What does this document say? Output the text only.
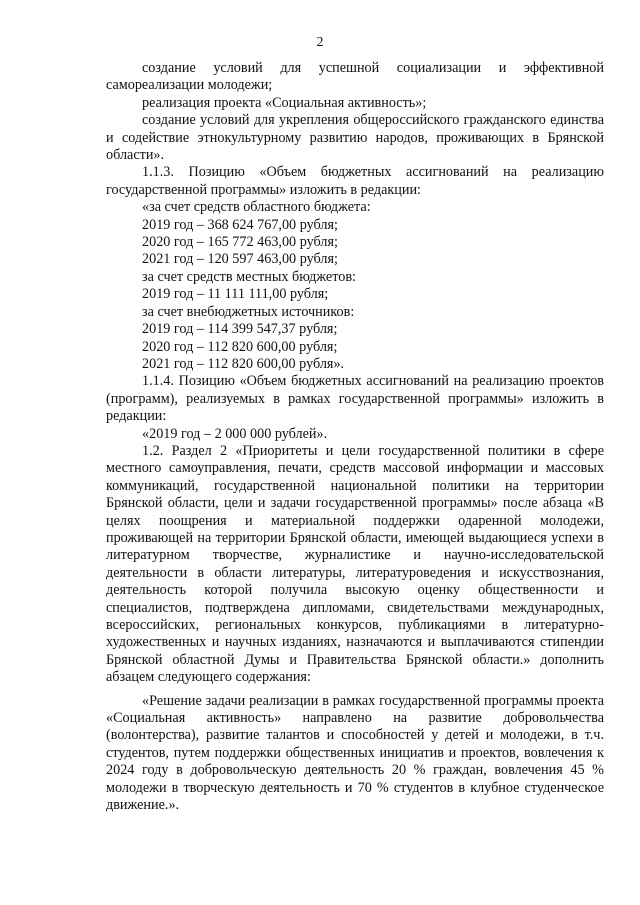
2

создание условий для успешной социализации и эффективной самореализации молодежи;

реализация проекта «Социальная активность»;

создание условий для укрепления общероссийского гражданского единства и содействие этнокультурному развитию народов, проживающих в Брянской области».

1.1.3. Позицию «Объем бюджетных ассигнований на реализацию государственной программы» изложить в редакции:

«за счет средств областного бюджета:

2019 год – 368 624 767,00 рубля;

2020 год – 165 772 463,00 рубля;

2021 год – 120 597 463,00 рубля;

за счет средств местных бюджетов:

2019 год – 11 111 111,00 рубля;

за счет внебюджетных источников:

2019 год – 114 399 547,37 рубля;

2020 год – 112 820 600,00 рубля;

2021 год – 112 820 600,00 рубля».

1.1.4. Позицию «Объем бюджетных ассигнований на реализацию проектов (программ), реализуемых в рамках государственной программы» изложить в редакции:

«2019 год – 2 000 000 рублей».

1.2. Раздел 2 «Приоритеты и цели государственной политики в сфере местного самоуправления, печати, средств массовой информации и массовых коммуникаций, государственной национальной политики на территории Брянской области, цели и задачи государственной программы» после абзаца «В целях поощрения и материальной поддержки одаренной молодежи, проживающей на территории Брянской области, имеющей выдающиеся успехи в литературном творчестве, журналистике и научно-исследовательской деятельности в области литературы, литературоведения и искусствознания, деятельность которой получила высокую оценку общественности и специалистов, подтверждена дипломами, свидетельствами международных, всероссийских, региональных конкурсов, публикациями в литературно-художественных и научных изданиях, назначаются и выплачиваются стипендии Брянской областной Думы и Правительства Брянской области.» дополнить абзацем следующего содержания:

«Решение задачи реализации в рамках государственной программы проекта «Социальная активность» направлено на развитие добровольчества (волонтерства), развитие талантов и способностей у детей и молодежи, в т.ч. студентов, путем поддержки общественных инициатив и проектов, вовлечения к 2024 году в добровольческую деятельность 20 % граждан, вовлечения 45 % молодежи в творческую деятельность и 70 % студентов в клубное студенческое движение.».
